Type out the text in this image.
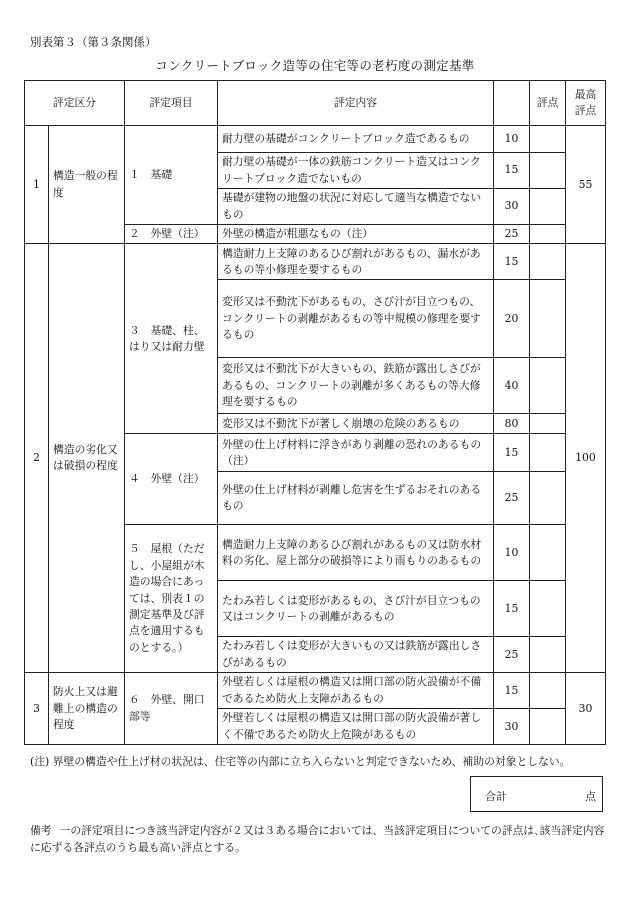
別表第３（第３条関係）
コンクリートブロック造等の住宅等の老朽度の測定基準
評定区分		評定項目	評定内容		評点	最高
評点
1	構造一般の程度	１　基礎	耐力壁の基礎がコンクリートブロック造であるもの	10		55
			耐力壁の基礎が一体の鉄筋コンクリート造又はコンクリートブロック造でないもの	15		
			基礎が建物の地盤の状況に対応して適当な構造でないもの	30		
		２　外壁（注）	外壁の構造が粗悪なもの（注）	25		
2	構造の劣化又は破損の程度	３　基礎、柱、はり又は耐力壁	構造耐力上支障のあるひび割れがあるもの、漏水があるもの等小修理を要するもの	15		100
			変形又は不動沈下があるもの、さび汁が目立つもの、コンクリートの剥離があるもの等中規模の修理を要するもの	20		
			変形又は不動沈下が大きいもの、鉄筋が露出しさびがあるもの、コンクリートの剥離が多くあるもの等大修理を要するもの	40		
			変形又は不動沈下が著しく崩壊の危険のあるもの	80		
		４　外壁（注）	外壁の仕上げ材料に浮きがあり剥離の恐れのあるもの（注）	15		
			外壁の仕上げ材料が剥離し危害を生ずるおそれのあるもの	25		
		５　屋根（ただし、小屋組が木造の場合にあっては、別表１の測定基準及び評点を適用するものとする。）	構造耐力上支障のあるひび割れがあるもの又は防水材料の劣化、屋上部分の破損等により雨もりのあるもの	10		
			たわみ若しくは変形があるもの、さび汁が目立つもの又はコンクリートの剥離があるもの	15		
			たわみ若しくは変形が大きいもの又は鉄筋が露出しさびがあるもの	25		
3	防火上又は避難上の構造の程度	６　外壁、開口部等	外壁若しくは屋根の構造又は開口部の防火設備が不備であるため防火上支障があるもの	15		30
			外壁若しくは屋根の構造又は開口部の防火設備が著しく不備であるため防火上危険があるもの	30		
(注) 界壁の構造や仕上げ材の状況は、住宅等の内部に立ち入らないと判定できないため、補助の対象としない。
合計	点
備考 一の評定項目につき該当評定内容が２又は３ある場合においては、当該評定項目についての評点は､該当評定内容に応ずる各評点のうち最も高い評点とする。
